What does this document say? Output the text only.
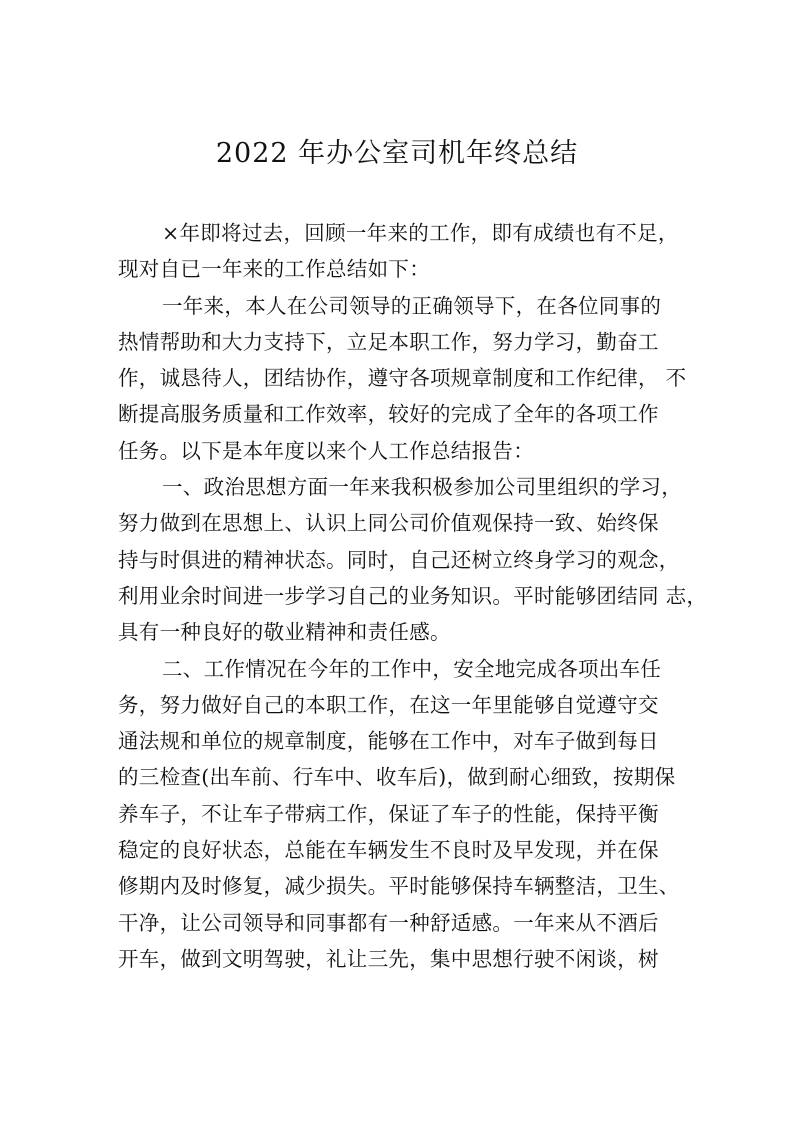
2022 年办公室司机年终总结
×年即将过去，回顾一年来的工作，即有成绩也有不足，
现对自已一年来的工作总结如下：
一年来，本人在公司领导的正确领导下，在各位同事的
热情帮助和大力支持下，立足本职工作，努力学习，勤奋工
作，诚恳待人，团结协作，遵守各项规章制度和工作纪律， 不
断提高服务质量和工作效率，较好的完成了全年的各项工作
任务。以下是本年度以来个人工作总结报告：
一、政治思想方面一年来我积极参加公司里组织的学习，
努力做到在思想上、认识上同公司价值观保持一致、始终保
持与时俱进的精神状态。同时，自己还树立终身学习的观念，
利用业余时间进一步学习自己的业务知识。平时能够团结同 志，
具有一种良好的敬业精神和责任感。
二、工作情况在今年的工作中，安全地完成各项出车任
务，努力做好自己的本职工作，在这一年里能够自觉遵守交
通法规和单位的规章制度，能够在工作中，对车子做到每日
的三检查(出车前、行车中、收车后)，做到耐心细致，按期保
养车子，不让车子带病工作，保证了车子的性能，保持平衡
稳定的良好状态，总能在车辆发生不良时及早发现，并在保
修期内及时修复，减少损失。平时能够保持车辆整洁，卫生、
干净，让公司领导和同事都有一种舒适感。一年来从不酒后
开车，做到文明驾驶，礼让三先，集中思想行驶不闲谈，树
